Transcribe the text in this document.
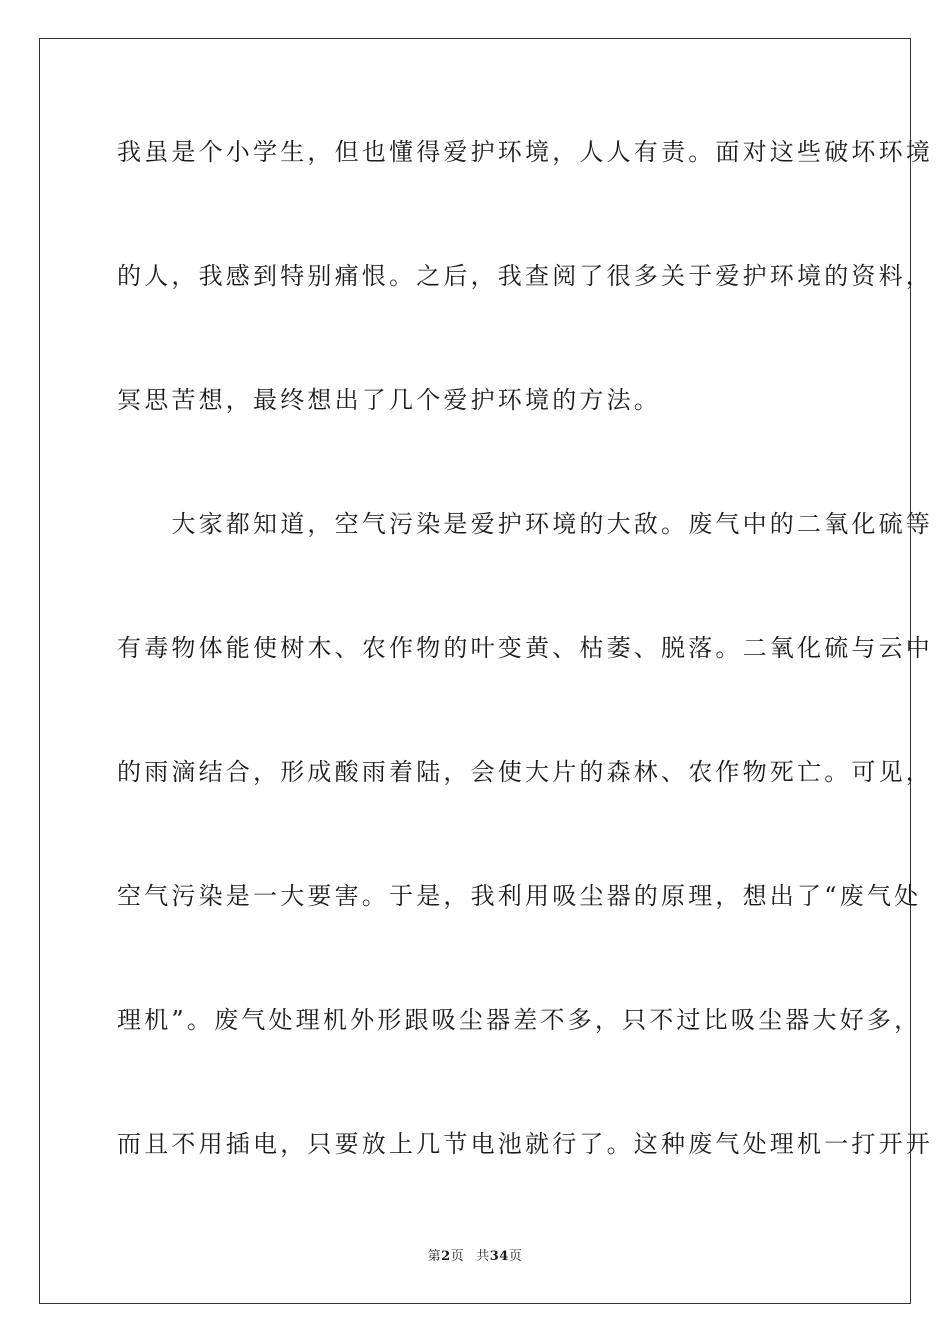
我虽是个小学生，但也懂得爱护环境，人人有责。面对这些破坏环境
的人，我感到特别痛恨。之后，我查阅了很多关于爱护环境的资料，
冥思苦想，最终想出了几个爱护环境的方法。
　　大家都知道，空气污染是爱护环境的大敌。废气中的二氧化硫等
有毒物体能使树木、农作物的叶变黄、枯萎、脱落。二氧化硫与云中
的雨滴结合，形成酸雨着陆，会使大片的森林、农作物死亡。可见，
空气污染是一大要害。于是，我利用吸尘器的原理，想出了“废气处
理机”。废气处理机外形跟吸尘器差不多，只不过比吸尘器大好多，
而且不用插电，只要放上几节电池就行了。这种废气处理机一打开开
第2页 共34页
